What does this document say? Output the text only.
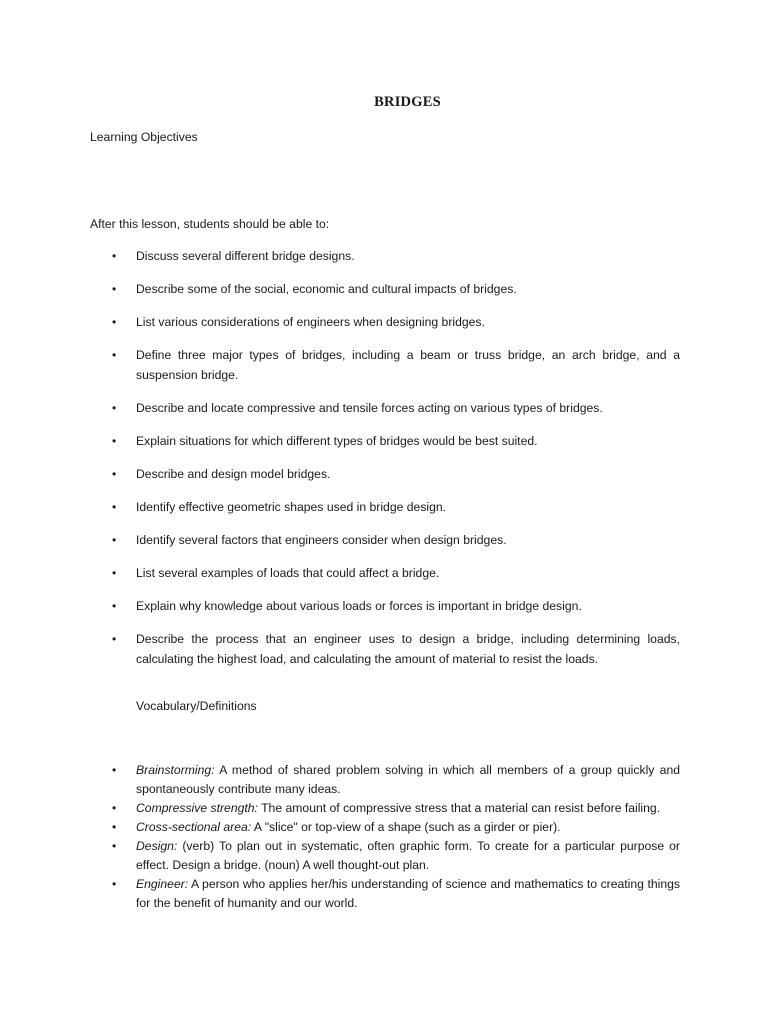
BRIDGES
Learning Objectives
After this lesson, students should be able to:
• Discuss several different bridge designs.
• Describe some of the social, economic and cultural impacts of bridges.
• List various considerations of engineers when designing bridges.
• Define three major types of bridges, including a beam or truss bridge, an arch bridge, and a suspension bridge.
• Describe and locate compressive and tensile forces acting on various types of bridges.
• Explain situations for which different types of bridges would be best suited.
• Describe and design model bridges.
• Identify effective geometric shapes used in bridge design.
• Identify several factors that engineers consider when design bridges.
• List several examples of loads that could affect a bridge.
• Explain why knowledge about various loads or forces is important in bridge design.
• Describe the process that an engineer uses to design a bridge, including determining loads, calculating the highest load, and calculating the amount of material to resist the loads.
Vocabulary/Definitions
• Brainstorming: A method of shared problem solving in which all members of a group quickly and spontaneously contribute many ideas.
• Compressive strength: The amount of compressive stress that a material can resist before failing.
• Cross-sectional area: A "slice" or top-view of a shape (such as a girder or pier).
• Design: (verb) To plan out in systematic, often graphic form. To create for a particular purpose or effect. Design a bridge. (noun) A well thought-out plan.
• Engineer: A person who applies her/his understanding of science and mathematics to creating things for the benefit of humanity and our world.
